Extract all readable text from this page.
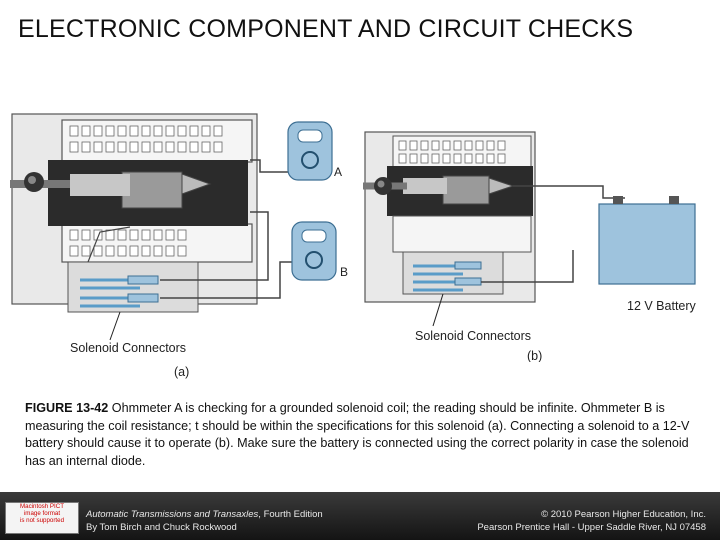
ELECTRONIC COMPONENT AND CIRCUIT CHECKS
A
B
Solenoid Connectors
(a)
12 V Battery
Solenoid Connectors
(b)
FIGURE 13-42 Ohmmeter A is checking for a grounded solenoid coil; the reading should be infinite. Ohmmeter B is measuring the coil resistance; t should be within the specifications for this solenoid (a). Connecting a solenoid to a 12-V battery should cause it to operate (b). Make sure the battery is connected using the correct polarity in case the solenoid has an internal diode.
Macintosh PICT
image format
is not supported
Automatic Transmissions and Transaxles, Fourth Edition
By Tom Birch and Chuck Rockwood
© 2010 Pearson Higher Education, Inc.
Pearson Prentice Hall - Upper Saddle River, NJ 07458
